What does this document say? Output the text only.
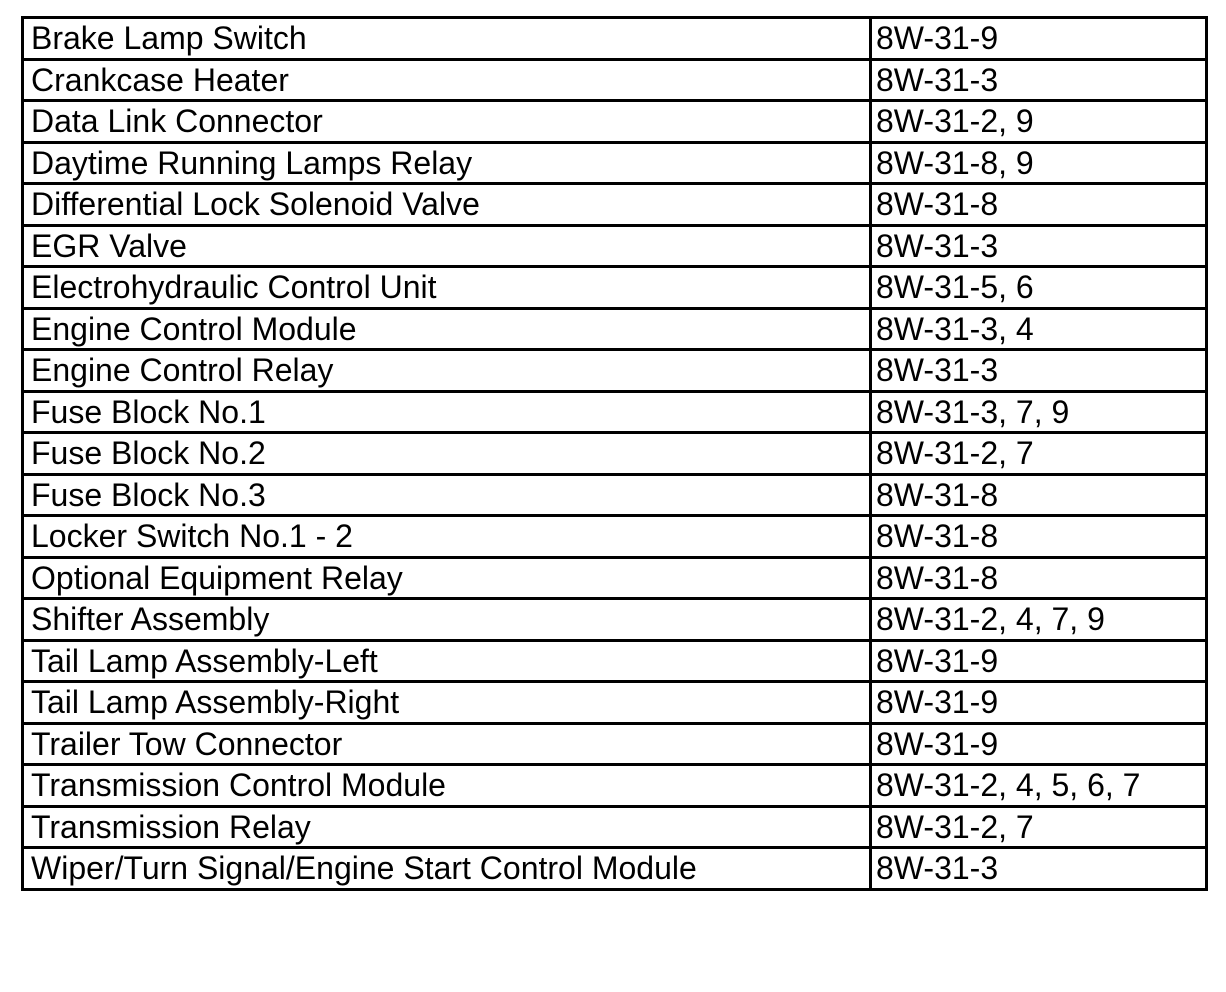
Brake Lamp Switch	8W-31-9
Crankcase Heater	8W-31-3
Data Link Connector	8W-31-2, 9
Daytime Running Lamps Relay	8W-31-8, 9
Differential Lock Solenoid Valve	8W-31-8
EGR Valve	8W-31-3
Electrohydraulic Control Unit	8W-31-5, 6
Engine Control Module	8W-31-3, 4
Engine Control Relay	8W-31-3
Fuse Block No.1	8W-31-3, 7, 9
Fuse Block No.2	8W-31-2, 7
Fuse Block No.3	8W-31-8
Locker Switch No.1 - 2	8W-31-8
Optional Equipment Relay	8W-31-8
Shifter Assembly	8W-31-2, 4, 7, 9
Tail Lamp Assembly-Left	8W-31-9
Tail Lamp Assembly-Right	8W-31-9
Trailer Tow Connector	8W-31-9
Transmission Control Module	8W-31-2, 4, 5, 6, 7
Transmission Relay	8W-31-2, 7
Wiper/Turn Signal/Engine Start Control Module	8W-31-3
